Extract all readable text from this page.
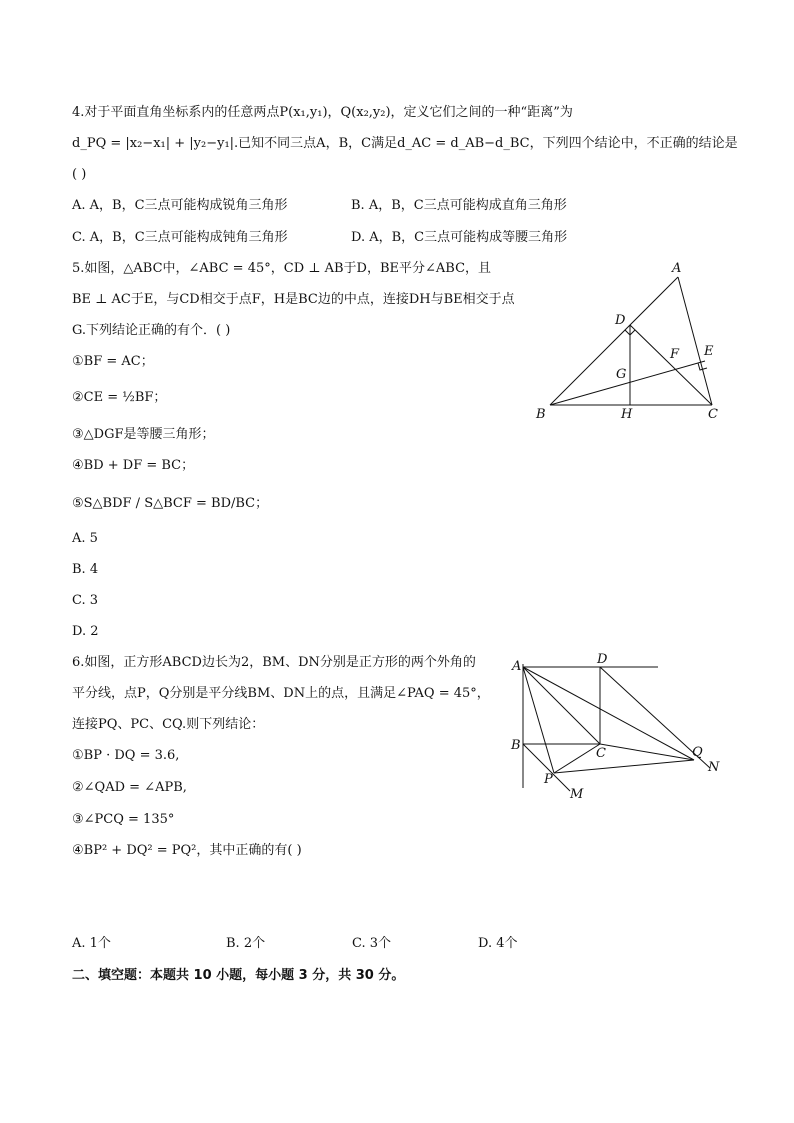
4.对于平面直角坐标系内的任意两点P(x₁,y₁)，Q(x₂,y₂)，定义它们之间的一种“距离”为
d_PQ = |x₂−x₁| + |y₂−y₁|.已知不同三点A，B，C满足d_AC = d_AB−d_BC，下列四个结论中，不正确的结论是
( )
A. A，B，C三点可能构成锐角三角形	B. A，B，C三点可能构成直角三角形
C. A，B，C三点可能构成钝角三角形	D. A，B，C三点可能构成等腰三角形
5.如图，△ABC中，∠ABC = 45°，CD ⊥ AB于D，BE平分∠ABC，且
BE ⊥ AC于E，与CD相交于点F，H是BC边的中点，连接DH与BE相交于点
G.下列结论正确的有个．( )
①BF = AC；
②CE = ½BF；
③△DGF是等腰三角形；
④BD + DF = BC；
⑤S△BDF / S△BCF = BD/BC；
A. 5
B. 4
C. 3
D. 2
A
B	C
D
E
F
G
H
6.如图，正方形ABCD边长为2，BM、DN分别是正方形的两个外角的
平分线，点P，Q分别是平分线BM、DN上的点，且满足∠PAQ = 45°，
连接PQ、PC、CQ.则下列结论：
①BP · DQ = 3.6,
②∠QAD = ∠APB,
③∠PCQ = 135°
④BP² + DQ² = PQ²，其中正确的有( )
A. 1个	B. 2个	C. 3个	D. 4个
A	D
B
C
P
Q
N
M
二、填空题：本题共 10 小题，每小题 3 分，共 30 分。
